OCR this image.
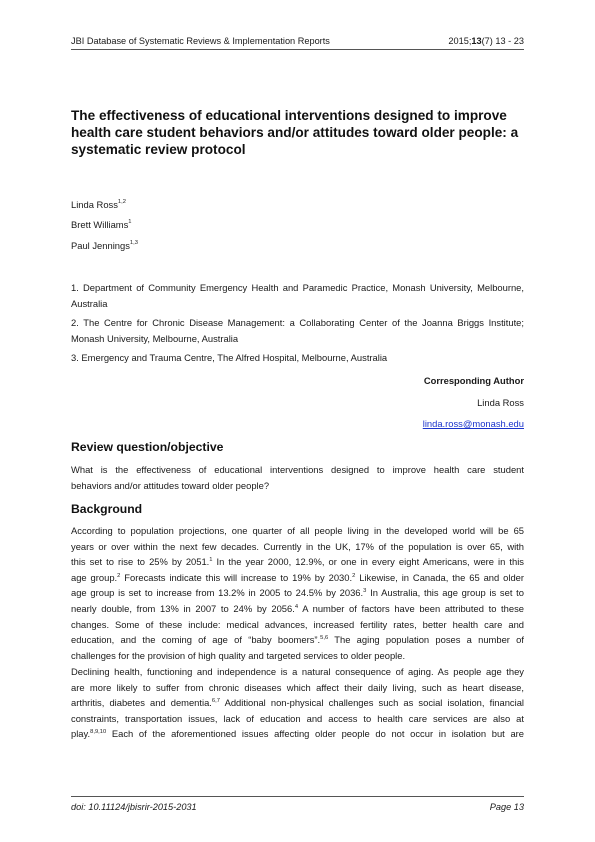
JBI Database of Systematic Reviews & Implementation Reports	2015;13(7) 13 - 23
The effectiveness of educational interventions designed to improve health care student behaviors and/or attitudes toward older people: a systematic review protocol
Linda Ross$^{1,2}$
Brett Williams$^1$
Paul Jennings$^{1,3}$
1. Department of Community Emergency Health and Paramedic Practice, Monash University, Melbourne, Australia
2. The Centre for Chronic Disease Management: a Collaborating Center of the Joanna Briggs Institute; Monash University, Melbourne, Australia
3. Emergency and Trauma Centre, The Alfred Hospital, Melbourne, Australia
Corresponding Author
Linda Ross
linda.ross@monash.edu
Review question/objective
What is the effectiveness of educational interventions designed to improve health care student
behaviors and/or attitudes toward older people?
Background
According to population projections, one quarter of all people living in the developed world will be 65
years or over within the next few decades. Currently in the UK, 17% of the population is over 65, with
this set to rise to 25% by 2051.$^1$ In the year 2000, 12.9%, or one in every eight Americans, were in this
age group.$^2$ Forecasts indicate this will increase to 19% by 2030.$^2$ Likewise, in Canada, the 65 and older
age group is set to increase from 13.2% in 2005 to 24.5% by 2036.$^3$ In Australia, this age group is set to
nearly double, from 13% in 2007 to 24% by 2056.$^4$ A number of factors have been attributed to these
changes. Some of these include: medical advances, increased fertility rates, better health care and
education, and the coming of age of “baby boomers”.$^{5,6}$ The aging population poses a number of
challenges for the provision of high quality and targeted services to older people.
Declining health, functioning and independence is a natural consequence of aging. As people age they
are more likely to suffer from chronic diseases which affect their daily living, such as heart disease,
arthritis, diabetes and dementia.$^{6,7}$ Additional non-physical challenges such as social isolation, financial
constraints, transportation issues, lack of education and access to health care services are also at
play.$^{8,9,10}$ Each of the aforementioned issues affecting older people do not occur in isolation but are
doi: 10.11124/jbisrir-2015-2031	Page 13
